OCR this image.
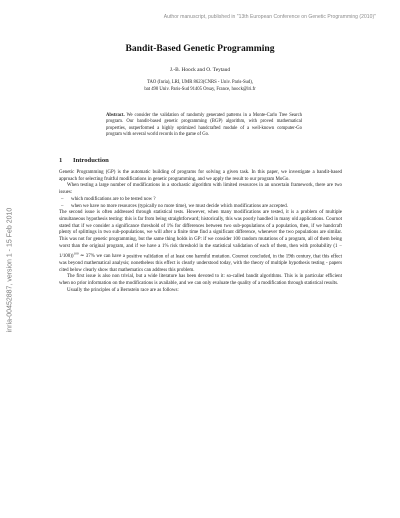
Author manuscript, published in "13th European Conference on Genetic Programming (2010)"
inria-00452887, version 1 - 15 Feb 2010
Bandit-Based Genetic Programming
J.-B. Hoock and O. Teytaud
TAO (Inria), LRI, UMR 8623(CNRS - Univ. Paris-Sud),
bat 490 Univ. Paris-Sud 91405 Orsay, France, hoock@lri.fr
Abstract. We consider the validation of randomly generated patterns in a Monte-Carlo Tree Search program. Our bandit-based genetic programming (BGP) algorithm, with proved mathematical properties, outperformed a highly optimized handcrafted module of a well-known computer-Go program with several world records in the game of Go.
1 Introduction

Genetic Programming (GP) is the automatic building of programs for solving a given task. In this paper, we investigate a bandit-based approach for selecting fruitful modifications in genetic programming, and we apply the result to our program MoGo.

When testing a large number of modifications in a stochastic algorithm with limited resources in an uncertain framework, there are two issues:

– which modifications are to be tested now ?
– when we have no more resources (typically no more time), we must decide which modifications are accepted.

The second issue is often addressed through statistical tests. However, when many modifications are tested, it is a problem of multiple simultaneous hypothesis testing: this is far from being straightforward; historically, this was poorly handled in many old applications. Cournot stated that if we consider a significance threshold of 1% for differences between two sub-populations of a population, then, if we handcraft plenty of splittings in two sub-populations, we will after a finite time find a significant difference, whenever the two populations are similar. This was not for genetic programming, but the same thing holds in GP: if we consider 100 random mutations of a program, all of them being worst than the original program, and if we have a 1% risk threshold in the statistical validation of each of them, then with probability (1 − 1/100))$^{100}$ ≃ 37% we can have a positive validation of at least one harmful mutation. Cournot concluded, in the 19th century, that this effect was beyond mathematical analysis; nonetheless this effect is clearly understood today, with the theory of multiple hypothesis testing - papers cited below clearly show that mathematics can address this problem.

The first issue is also non trivial, but a wide literature has been devoted to it: so-called bandit algorithms. This is in particular efficient when no prior information on the modifications is available, and we can only evaluate the quality of a modification through statistical results.

Usually the principles of a Bernstein race are as follows:
